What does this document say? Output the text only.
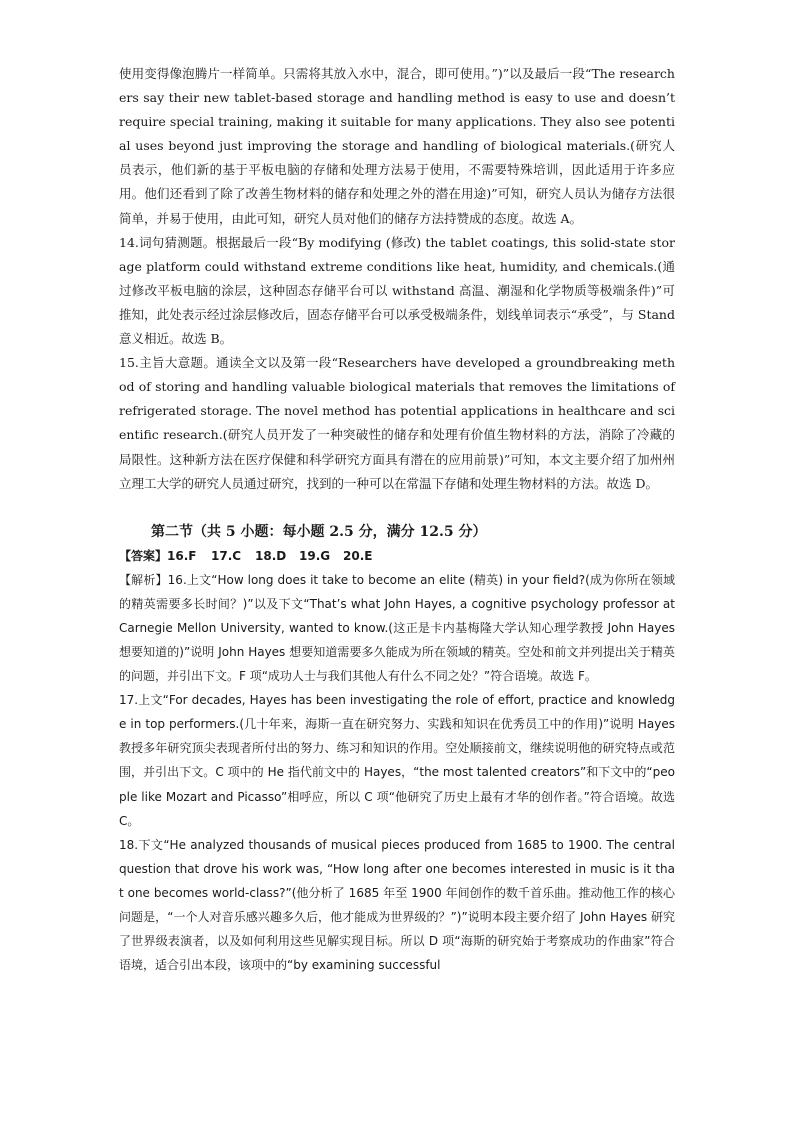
使用变得像泡腾片一样简单。只需将其放入水中，混合，即可使用。”)”以及最后一段“The researchers say their new tablet-based storage and handling method is easy to use and doesn’t require special training, making it suitable for many applications. They also see potential uses beyond just improving the storage and handling of biological materials.(研究人员表示，他们新的基于平板电脑的存储和处理方法易于使用，不需要特殊培训，因此适用于许多应用。他们还看到了除了改善生物材料的储存和处理之外的潜在用途)”可知，研究人员认为储存方法很简单，并易于使用，由此可知，研究人员对他们的储存方法持赞成的态度。故选 A。

14.词句猜测题。根据最后一段“By modifying (修改) the tablet coatings, this solid-state storage platform could withstand extreme conditions like heat, humidity, and chemicals.(通过修改平板电脑的涂层，这种固态存储平台可以 withstand 高温、潮湿和化学物质等极端条件)”可推知，此处表示经过涂层修改后，固态存储平台可以承受极端条件，划线单词表示“承受”，与 Stand 意义相近。故选 B。

15.主旨大意题。通读全文以及第一段“Researchers have developed a groundbreaking method of storing and handling valuable biological materials that removes the limitations of refrigerated storage. The novel method has potential applications in healthcare and scientific research.(研究人员开发了一种突破性的储存和处理有价值生物材料的方法，消除了冷藏的局限性。这种新方法在医疗保健和科学研究方面具有潜在的应用前景)”可知，本文主要介绍了加州州立理工大学的研究人员通过研究，找到的一种可以在常温下存储和处理生物材料的方法。故选 D。

第二节（共 5 小题：每小题 2.5 分，满分 12.5 分）

【答案】 16.F	17.C	18.D	19.G	20.E

【解析】16.上文“How long does it take to become an elite (精英) in your field?(成为你所在领域的精英需要多长时间？)”以及下文“That’s what John Hayes, a cognitive psychology professor at Carnegie Mellon University, wanted to know.(这正是卡内基梅隆大学认知心理学教授 John Hayes 想要知道的)”说明 John Hayes 想要知道需要多久能成为所在领域的精英。空处和前文并列提出关于精英的问题，并引出下文。F 项“成功人士与我们其他人有什么不同之处？”符合语境。故选 F。

17.上文“For decades, Hayes has been investigating the role of effort, practice and knowledge in top performers.(几十年来，海斯一直在研究努力、实践和知识在优秀员工中的作用)”说明 Hayes 教授多年研究顶尖表现者所付出的努力、练习和知识的作用。空处顺接前文，继续说明他的研究特点或范围，并引出下文。C 项中的 He 指代前文中的 Hayes，“the most talented creators”和下文中的“people like Mozart and Picasso”相呼应，所以 C 项“他研究了历史上最有才华的创作者。”符合语境。故选 C。

18.下文“He analyzed thousands of musical pieces produced from 1685 to 1900. The central question that drove his work was, “How long after one becomes interested in music is it that one becomes world-class?”(他分析了 1685 年至 1900 年间创作的数千首乐曲。推动他工作的核心问题是，“一个人对音乐感兴趣多久后，他才能成为世界级的？”)”说明本段主要介绍了 John Hayes 研究了世界级表演者，以及如何利用这些见解实现目标。所以 D 项“海斯的研究始于考察成功的作曲家”符合语境，适合引出本段，该项中的“by examining successful
